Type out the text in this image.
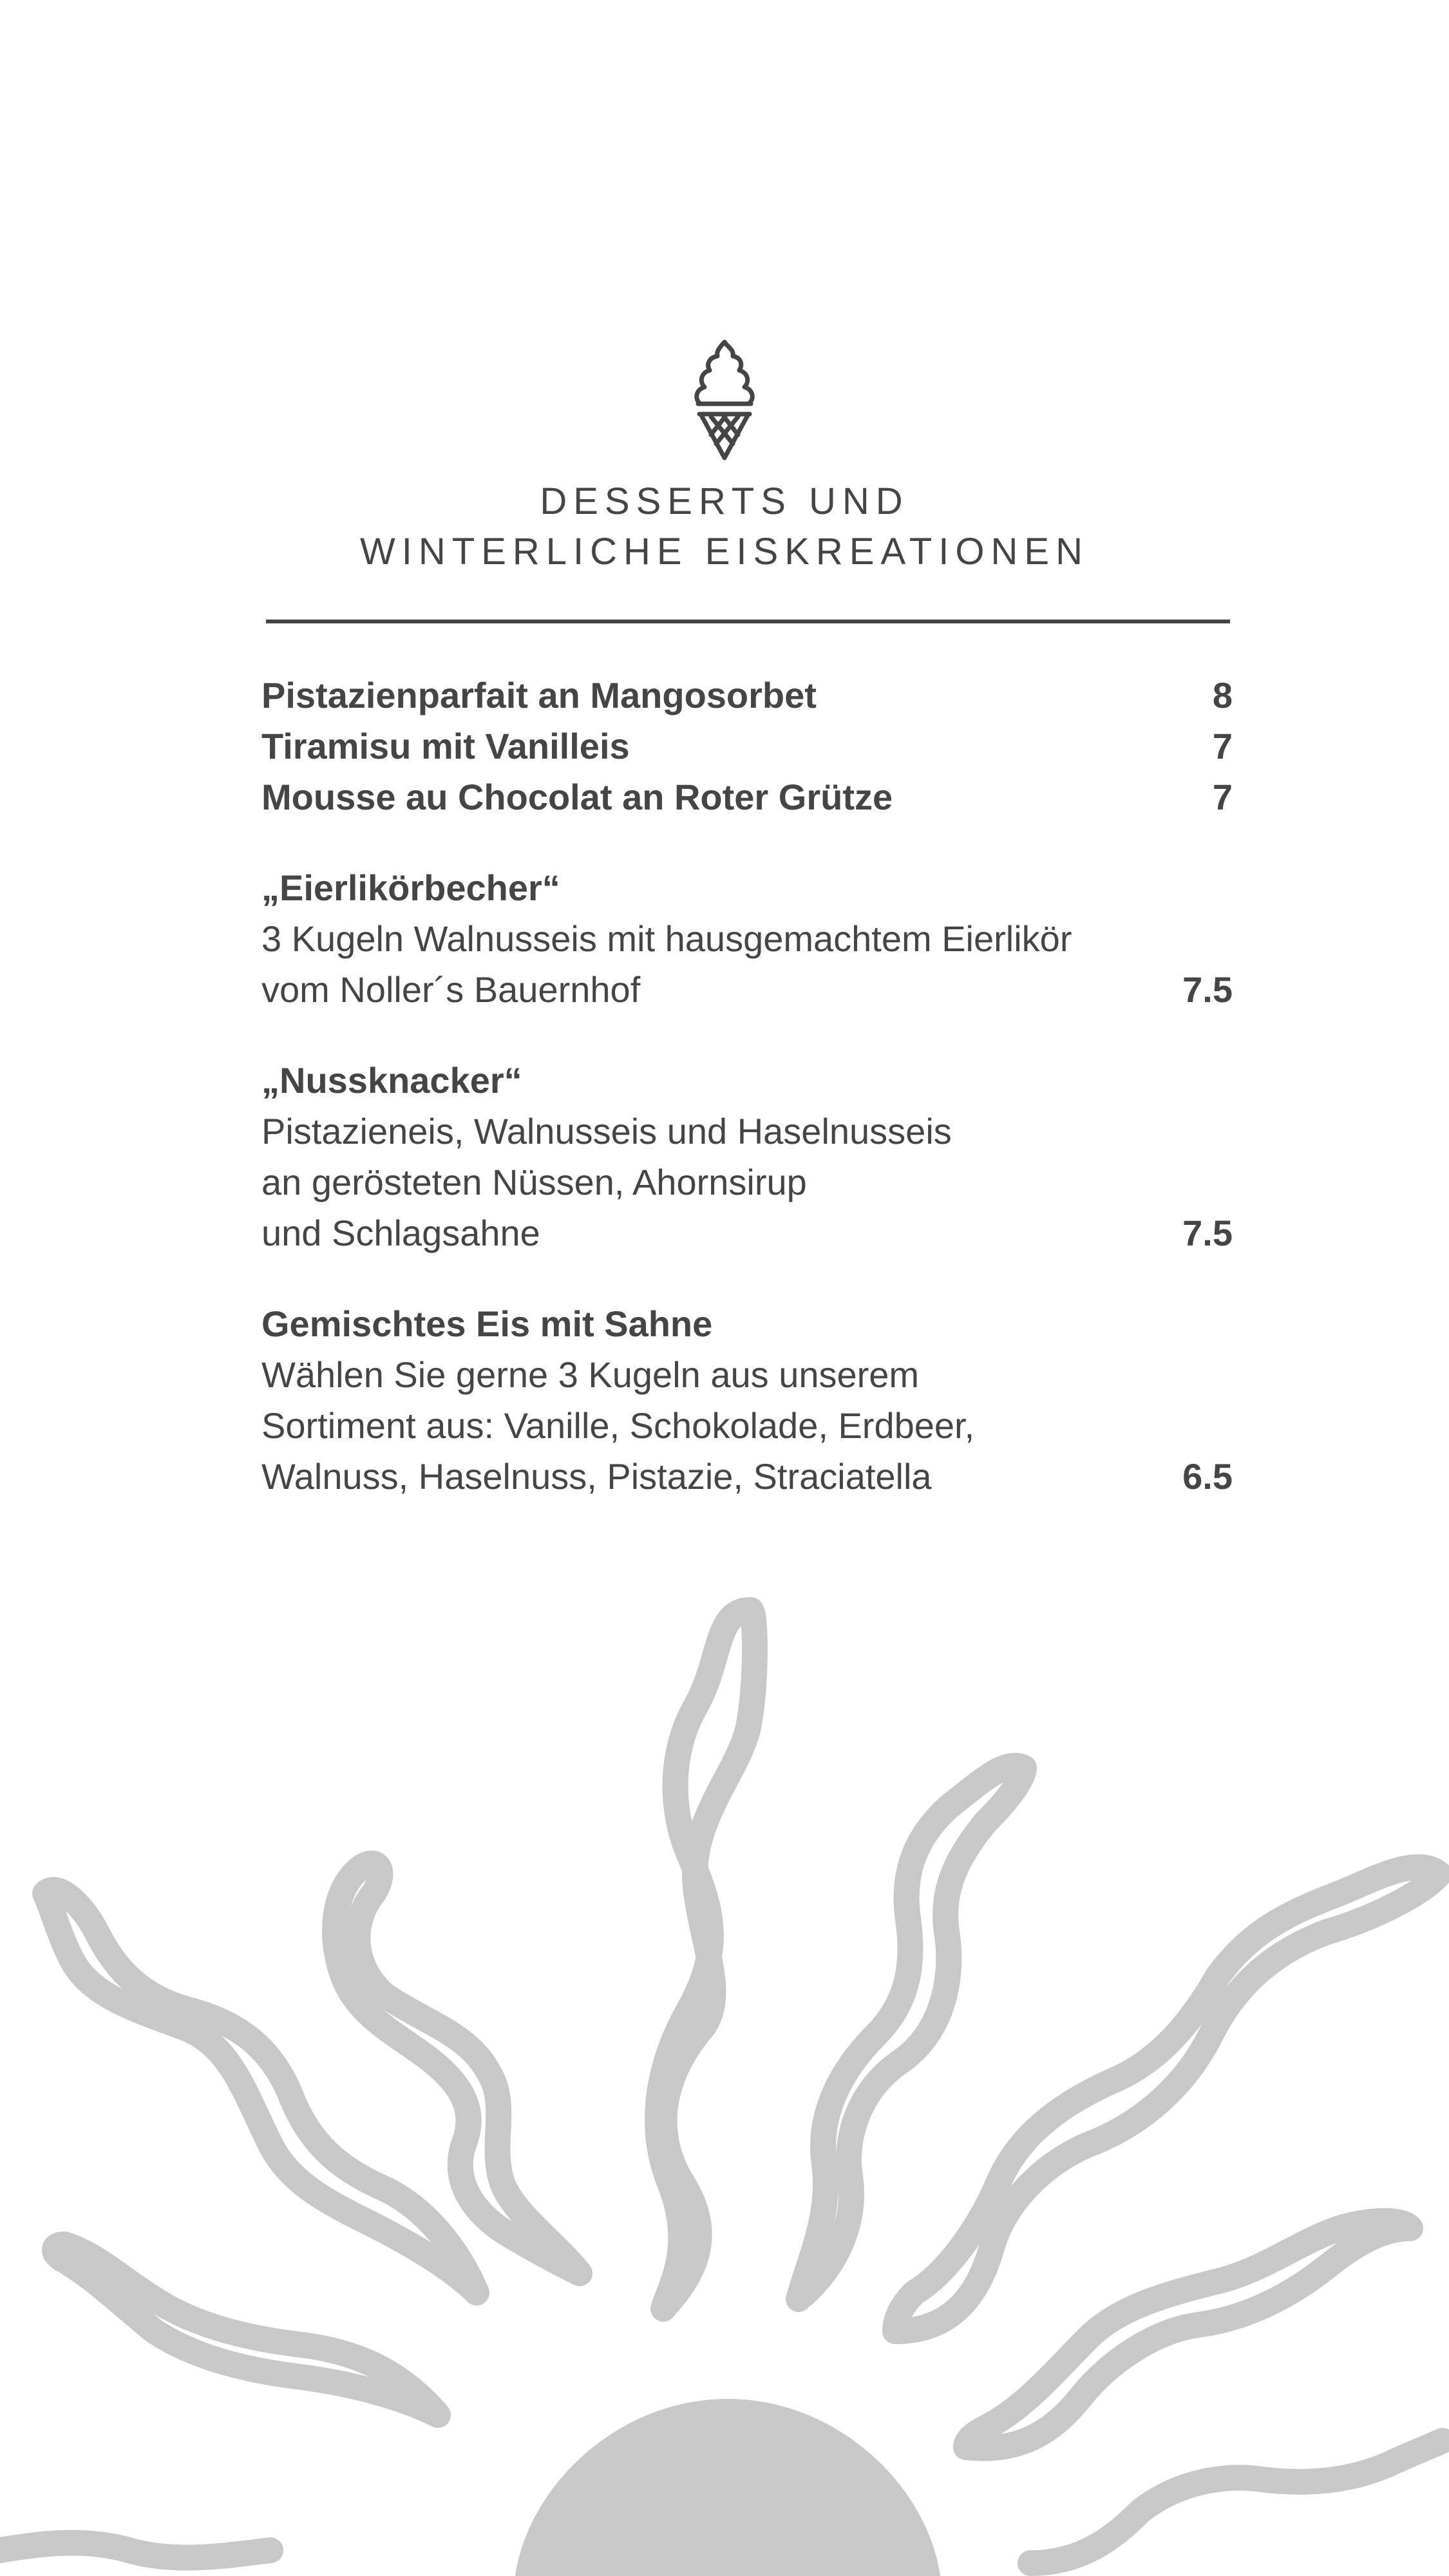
DESSERTS UND
WINTERLICHE EISKREATIONEN
Pistazienparfait an Mangosorbet	8
Tiramisu mit Vanilleis	7
Mousse au Chocolat an Roter Grütze	7
„Eierlikörbecher“
3 Kugeln Walnusseis mit hausgemachtem Eierlikör
vom Noller´s Bauernhof	7.5
„Nussknacker“
Pistazieneis, Walnusseis und Haselnusseis
an gerösteten Nüssen, Ahornsirup
und Schlagsahne	7.5
Gemischtes Eis mit Sahne
Wählen Sie gerne 3 Kugeln aus unserem
Sortiment aus: Vanille, Schokolade, Erdbeer,
Walnuss, Haselnuss, Pistazie, Straciatella	6.5
